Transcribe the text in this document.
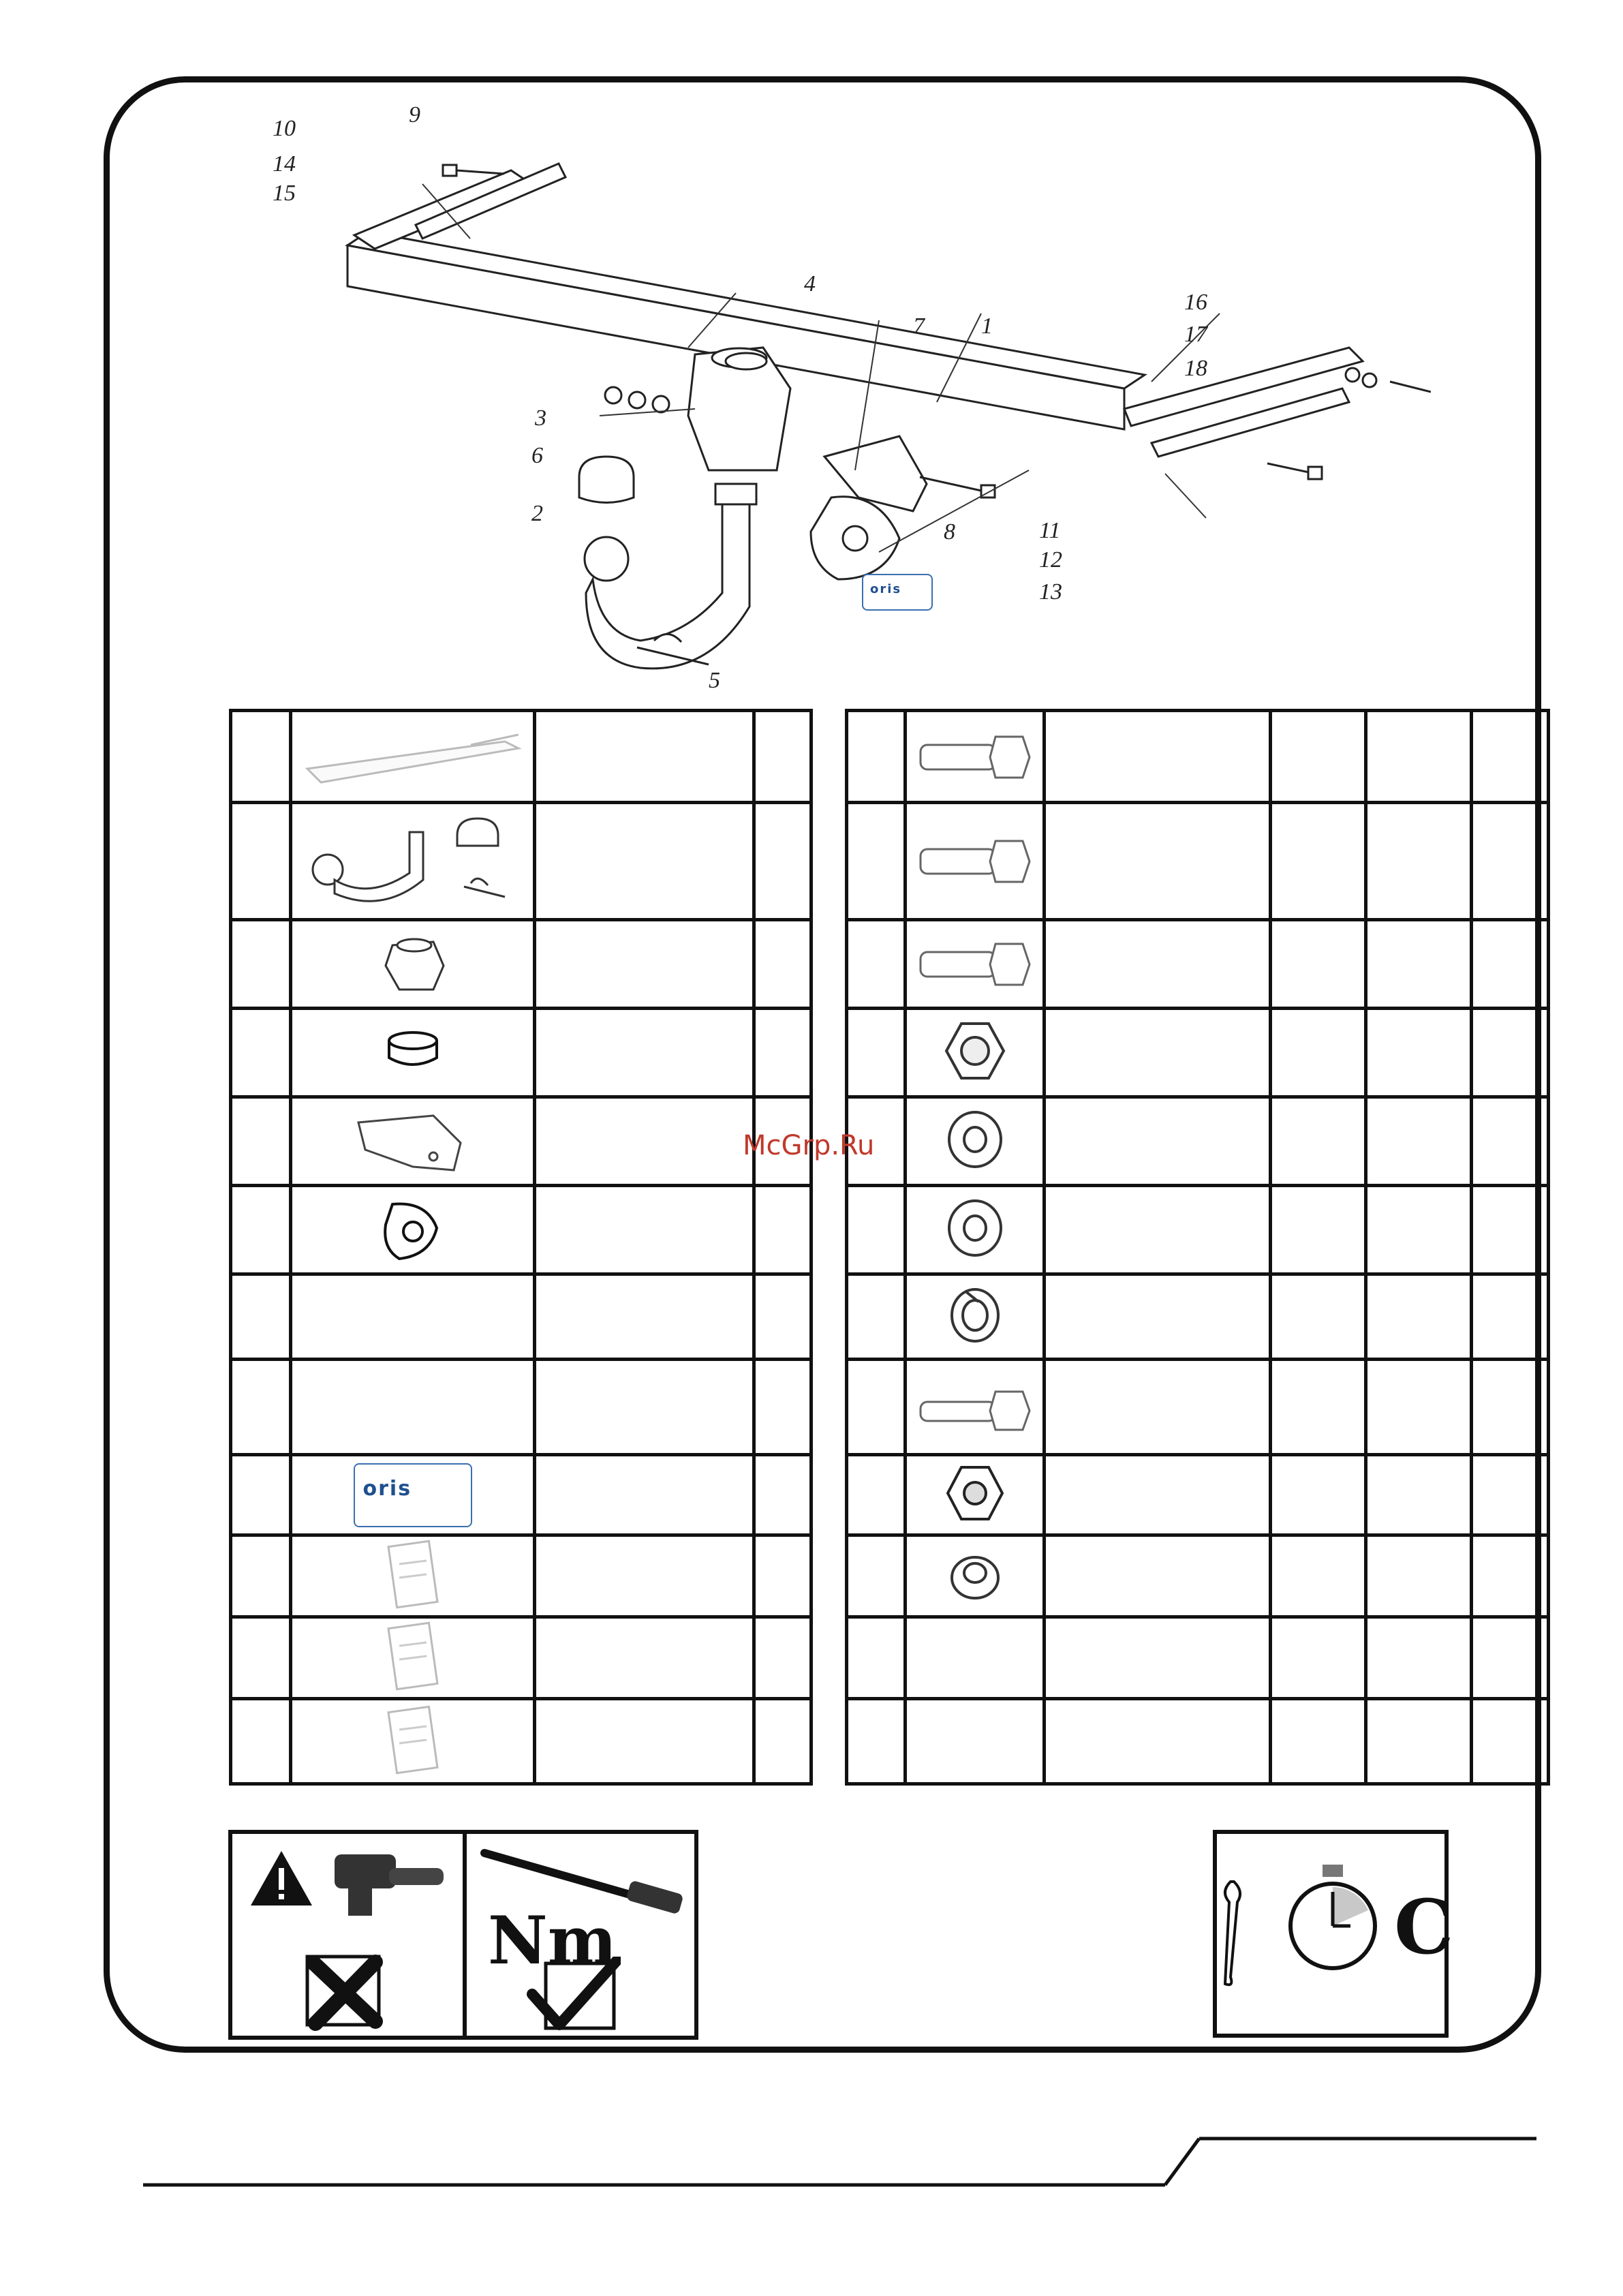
9
10
14
15
4
7 1
16
17
18
3
6
2
8	11
12
13
5
oris

	oris		

McGrp.Ru
Nm	C
